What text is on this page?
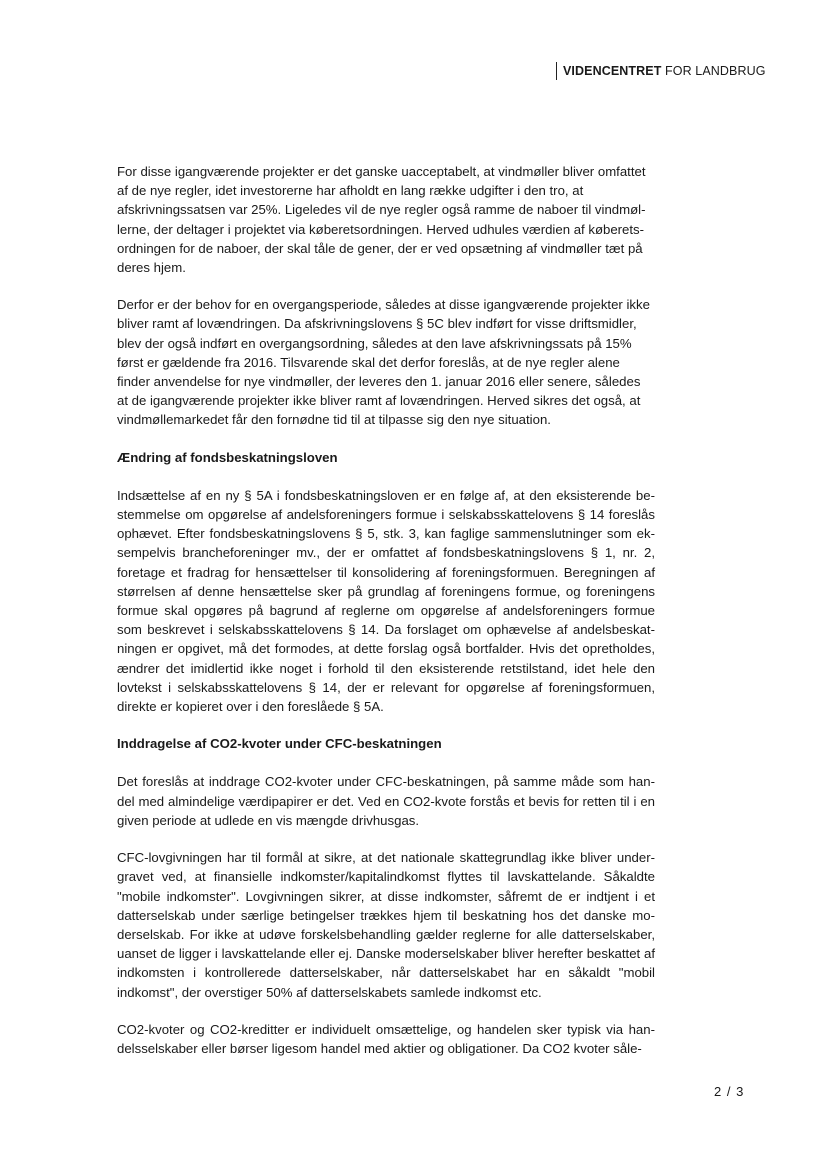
VIDENCENTRET FOR LANDBRUG

For disse igangværende projekter er det ganske uacceptabelt, at vindmøller bliver omfattet af de nye regler, idet investorerne har afholdt en lang række udgifter i den tro, at afskrivningssatsen var 25%. Ligeledes vil de nye regler også ramme de naboer til vindmøl-lerne, der deltager i projektet via køberetsordningen. Herved udhules værdien af køberets-ordningen for de naboer, der skal tåle de gener, der er ved opsætning af vindmøller tæt på deres hjem.

Derfor er der behov for en overgangsperiode, således at disse igangværende projekter ikke bliver ramt af lovændringen. Da afskrivningslovens § 5C blev indført for visse driftsmidler, blev der også indført en overgangsordning, således at den lave afskrivningssats på 15% først er gældende fra 2016. Tilsvarende skal det derfor foreslås, at de nye regler alene finder anvendelse for nye vindmøller, der leveres den 1. januar 2016 eller senere, således at de igangværende projekter ikke bliver ramt af lovændringen. Herved sikres det også, at vindmøllemarkedet får den fornødne tid til at tilpasse sig den nye situation.

Ændring af fondsbeskatningsloven

Indsættelse af en ny § 5A i fondsbeskatningsloven er en følge af, at den eksisterende be-stemmelse om opgørelse af andelsforeningers formue i selskabsskattelovens § 14 foreslås ophævet. Efter fondsbeskatningslovens § 5, stk. 3, kan faglige sammenslutninger som ek-sempelvis brancheforeninger mv., der er omfattet af fondsbeskatningslovens § 1, nr. 2, foretage et fradrag for hensættelser til konsolidering af foreningsformuen. Beregningen af størrelsen af denne hensættelse sker på grundlag af foreningens formue, og foreningens formue skal opgøres på bagrund af reglerne om opgørelse af andelsforeningers formue som beskrevet i selskabsskattelovens § 14. Da forslaget om ophævelse af andelsbeskat-ningen er opgivet, må det formodes, at dette forslag også bortfalder. Hvis det opretholdes, ændrer det imidlertid ikke noget i forhold til den eksisterende retstilstand, idet hele den lovtekst i selskabsskattelovens § 14, der er relevant for opgørelse af foreningsformuen, direkte er kopieret over i den foreslåede § 5A.

Inddragelse af CO2-kvoter under CFC-beskatningen

Det foreslås at inddrage CO2-kvoter under CFC-beskatningen, på samme måde som han-del med almindelige værdipapirer er det. Ved en CO2-kvote forstås et bevis for retten til i en given periode at udlede en vis mængde drivhusgas.

CFC-lovgivningen har til formål at sikre, at det nationale skattegrundlag ikke bliver under-gravet ved, at finansielle indkomster/kapitalindkomst flyttes til lavskattelande. Såkaldte "mobile indkomster". Lovgivningen sikrer, at disse indkomster, såfremt de er indtjent i et datterselskab under særlige betingelser trækkes hjem til beskatning hos det danske mo-derselskab. For ikke at udøve forskelsbehandling gælder reglerne for alle datterselskaber, uanset de ligger i lavskattelande eller ej. Danske moderselskaber bliver herefter beskattet af indkomsten i kontrollerede datterselskaber, når datterselskabet har en såkaldt "mobil indkomst", der overstiger 50% af datterselskabets samlede indkomst etc.

CO2-kvoter og CO2-kreditter er individuelt omsættelige, og handelen sker typisk via han-delsselskaber eller børser ligesom handel med aktier og obligationer. Da CO2 kvoter såle-

2 / 3
